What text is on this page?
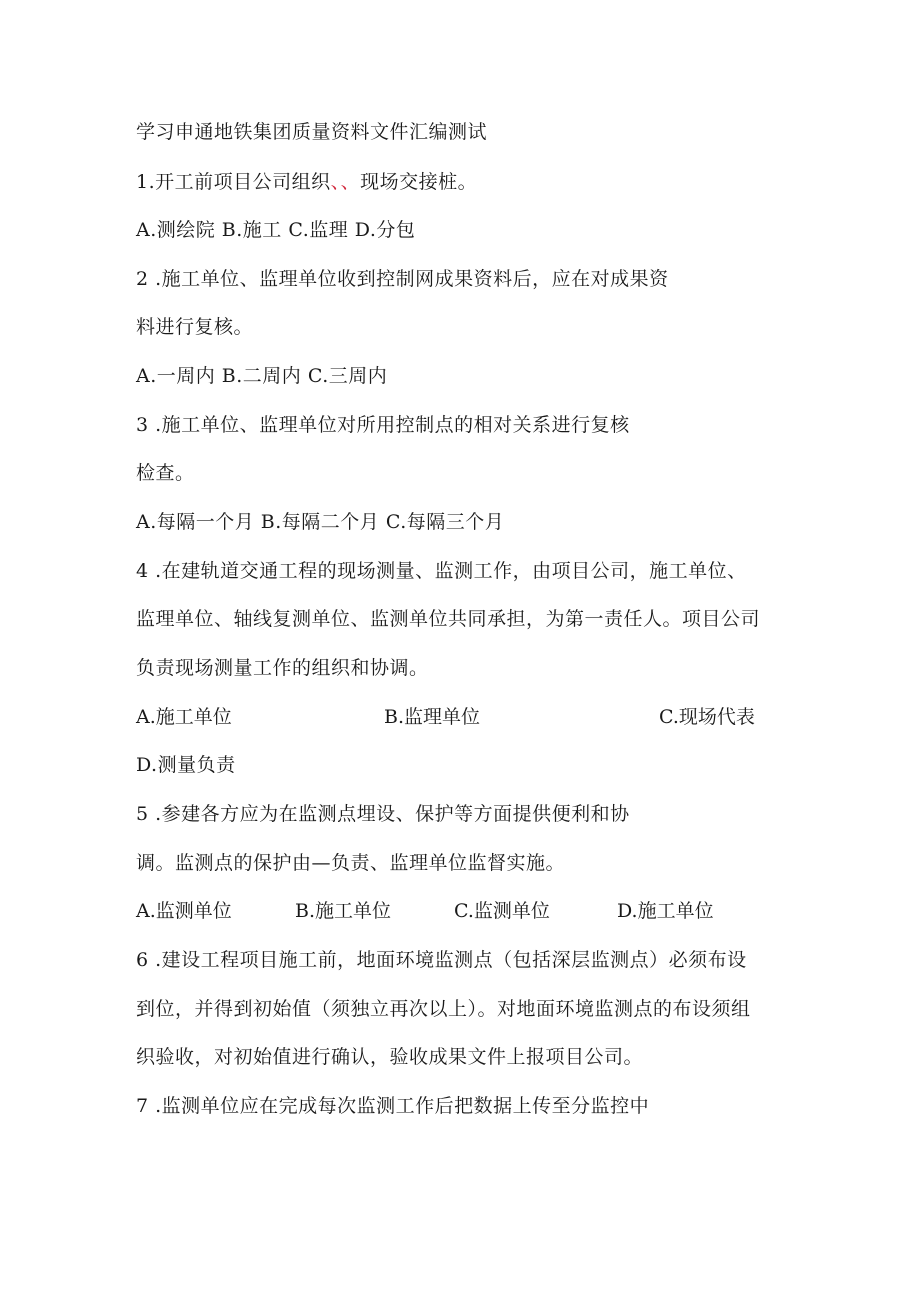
学习申通地铁集团质量资料文件汇编测试
1.开工前项目公司组织、、现场交接桩。
A.测绘院 B.施工 C.监理 D.分包
2 .施工单位、监理单位收到控制网成果资料后，应在对成果资
料进行复核。
A.一周内 B.二周内 C.三周内
3 .施工单位、监理单位对所用控制点的相对关系进行复核
检查。
A.每隔一个月 B.每隔二个月 C.每隔三个月
4 .在建轨道交通工程的现场测量、监测工作，由项目公司，施工单位、
监理单位、轴线复测单位、监测单位共同承担，为第一责任人。项目公司
负责现场测量工作的组织和协调。
A.施工单位	B.监理单位	C.现场代表
D.测量负责
5 .参建各方应为在监测点埋设、保护等方面提供便利和协
调。监测点的保护由—负责、监理单位监督实施。
A.监测单位	B.施工单位	C.监测单位	D.施工单位
6 .建设工程项目施工前，地面环境监测点（包括深层监测点）必须布设
到位，并得到初始值（须独立再次以上）。对地面环境监测点的布设须组
织验收，对初始值进行确认，验收成果文件上报项目公司。
7 .监测单位应在完成每次监测工作后把数据上传至分监控中
